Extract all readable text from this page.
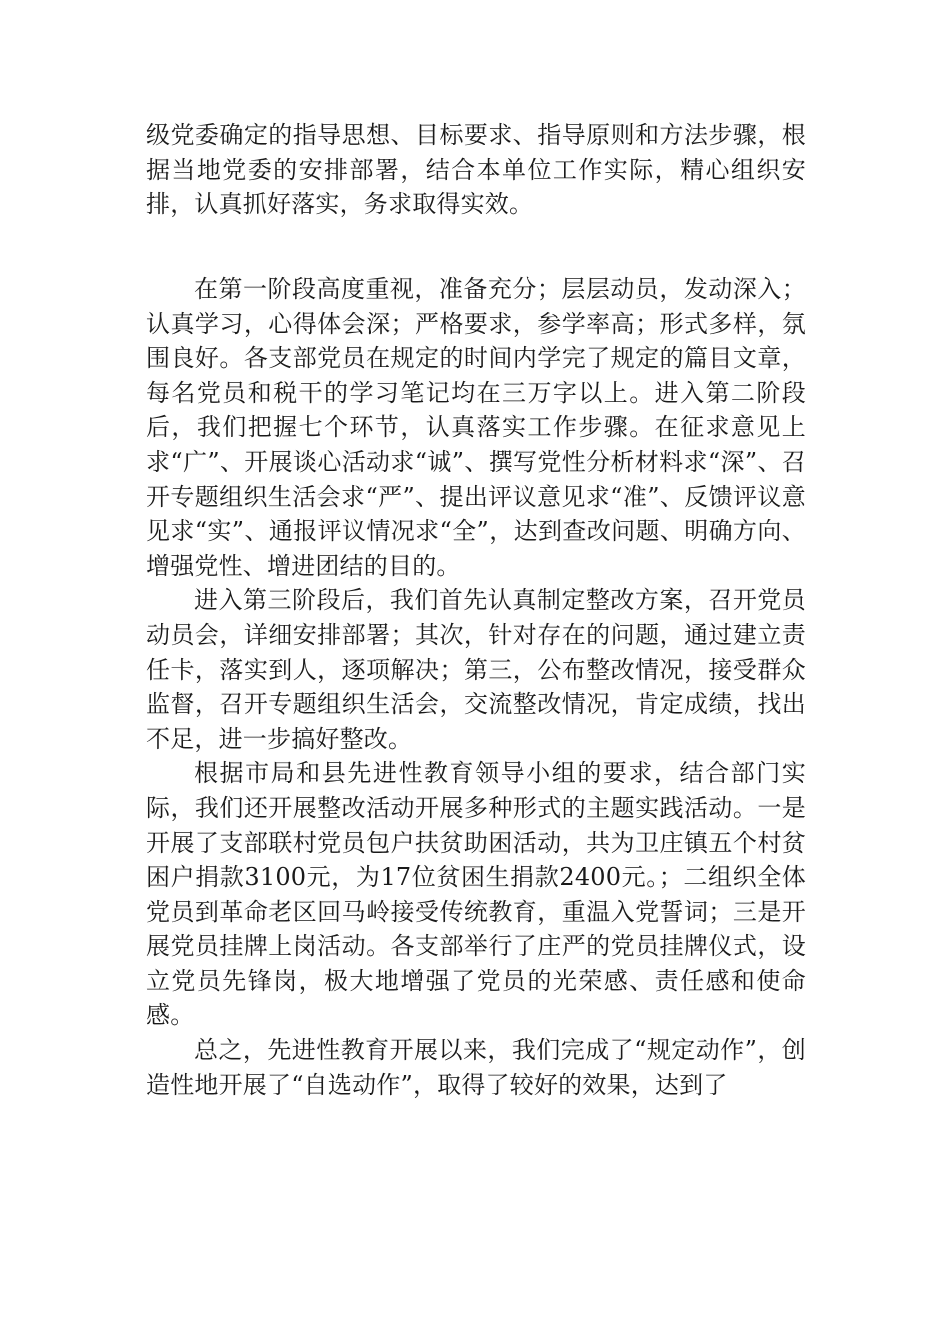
级党委确定的指导思想、目标要求、指导原则和方法步骤，根据当地党委的安排部署，结合本单位工作实际，精心组织安排，认真抓好落实，务求取得实效。

在第一阶段高度重视，准备充分；层层动员，发动深入；认真学习，心得体会深；严格要求，参学率高；形式多样，氛围良好。各支部党员在规定的时间内学完了规定的篇目文章，每名党员和税干的学习笔记均在三万字以上。进入第二阶段后，我们把握七个环节，认真落实工作步骤。在征求意见上求“广”、开展谈心活动求“诚”、撰写党性分析材料求“深”、召开专题组织生活会求“严”、提出评议意见求“准”、反馈评议意见求“实”、通报评议情况求“全”，达到查改问题、明确方向、增强党性、增进团结的目的。

进入第三阶段后，我们首先认真制定整改方案，召开党员动员会，详细安排部署；其次，针对存在的问题，通过建立责任卡，落实到人，逐项解决；第三，公布整改情况，接受群众监督，召开专题组织生活会，交流整改情况，肯定成绩，找出不足，进一步搞好整改。

根据市局和县先进性教育领导小组的要求，结合部门实际，我们还开展整改活动开展多种形式的主题实践活动。一是开展了支部联村党员包户扶贫助困活动，共为卫庄镇五个村贫困户捐款3100元，为17位贫困生捐款2400元。；二组织全体党员到革命老区回马岭接受传统教育，重温入党誓词；三是开展党员挂牌上岗活动。各支部举行了庄严的党员挂牌仪式，设立党员先锋岗，极大地增强了党员的光荣感、责任感和使命感。

总之，先进性教育开展以来，我们完成了“规定动作”，创造性地开展了“自选动作”，取得了较好的效果，达到了
